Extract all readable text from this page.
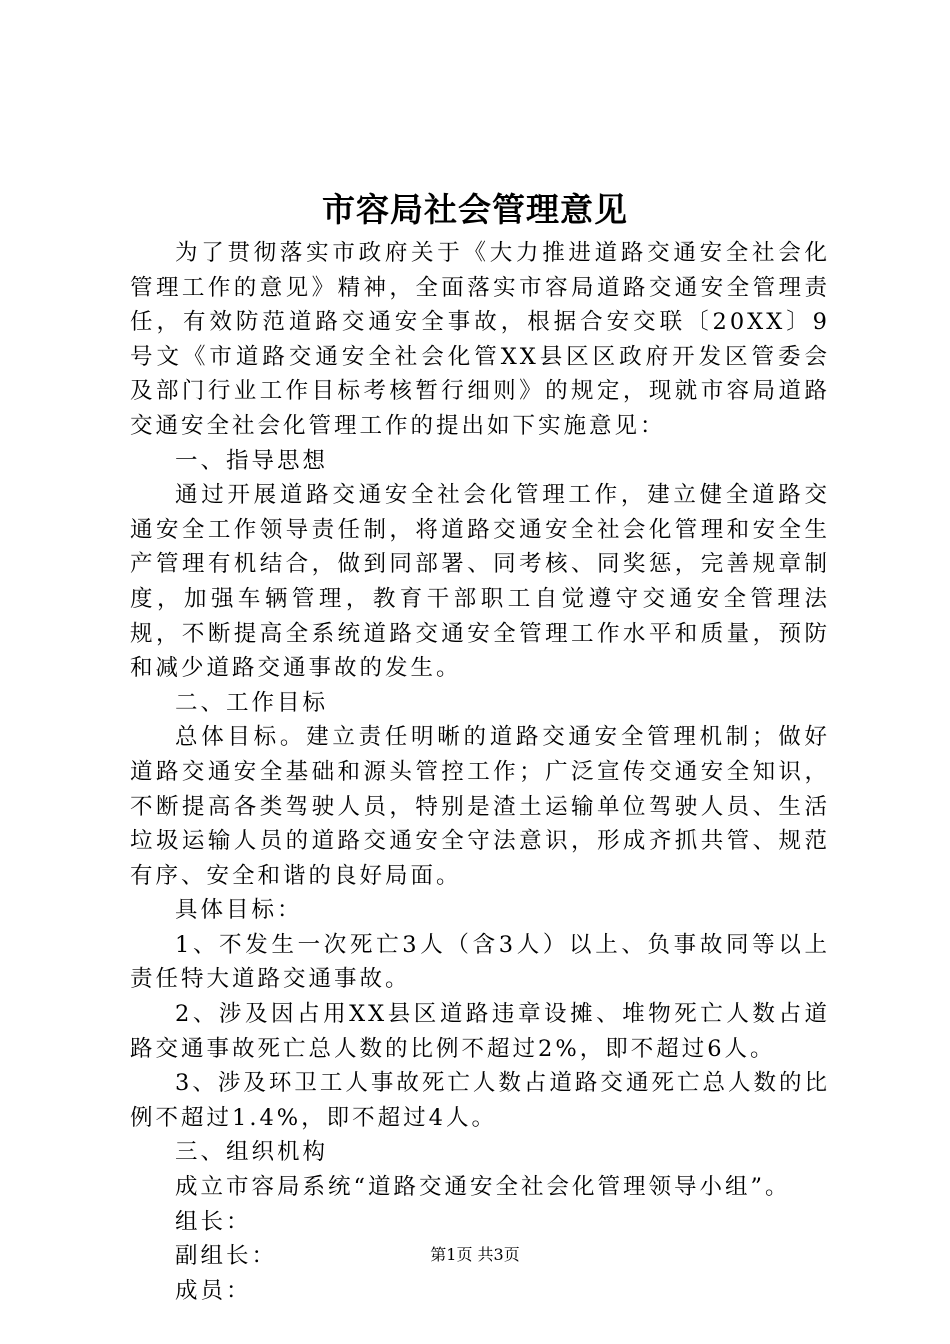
市容局社会管理意见

为了贯彻落实市政府关于《大力推进道路交通安全社会化管理工作的意见》精神，全面落实市容局道路交通安全管理责任，有效防范道路交通安全事故，根据合安交联〔20XX〕9号文《市道路交通安全社会化管XX县区区政府开发区管委会及部门行业工作目标考核暂行细则》的规定，现就市容局道路交通安全社会化管理工作的提出如下实施意见：

一、指导思想

通过开展道路交通安全社会化管理工作，建立健全道路交通安全工作领导责任制，将道路交通安全社会化管理和安全生产管理有机结合，做到同部署、同考核、同奖惩，完善规章制度，加强车辆管理，教育干部职工自觉遵守交通安全管理法规，不断提高全系统道路交通安全管理工作水平和质量，预防和减少道路交通事故的发生。

二、工作目标

总体目标。建立责任明晰的道路交通安全管理机制；做好道路交通安全基础和源头管控工作；广泛宣传交通安全知识，不断提高各类驾驶人员，特别是渣土运输单位驾驶人员、生活垃圾运输人员的道路交通安全守法意识，形成齐抓共管、规范有序、安全和谐的良好局面。

具体目标：

1、不发生一次死亡3人（含3人）以上、负事故同等以上责任特大道路交通事故。

2、涉及因占用XX县区道路违章设摊、堆物死亡人数占道路交通事故死亡总人数的比例不超过2%，即不超过6人。

3、涉及环卫工人事故死亡人数占道路交通死亡总人数的比例不超过1.4%，即不超过4人。

三、组织机构

成立市容局系统“道路交通安全社会化管理领导小组”。

组长：

副组长：

成员：

第1页 共3页
